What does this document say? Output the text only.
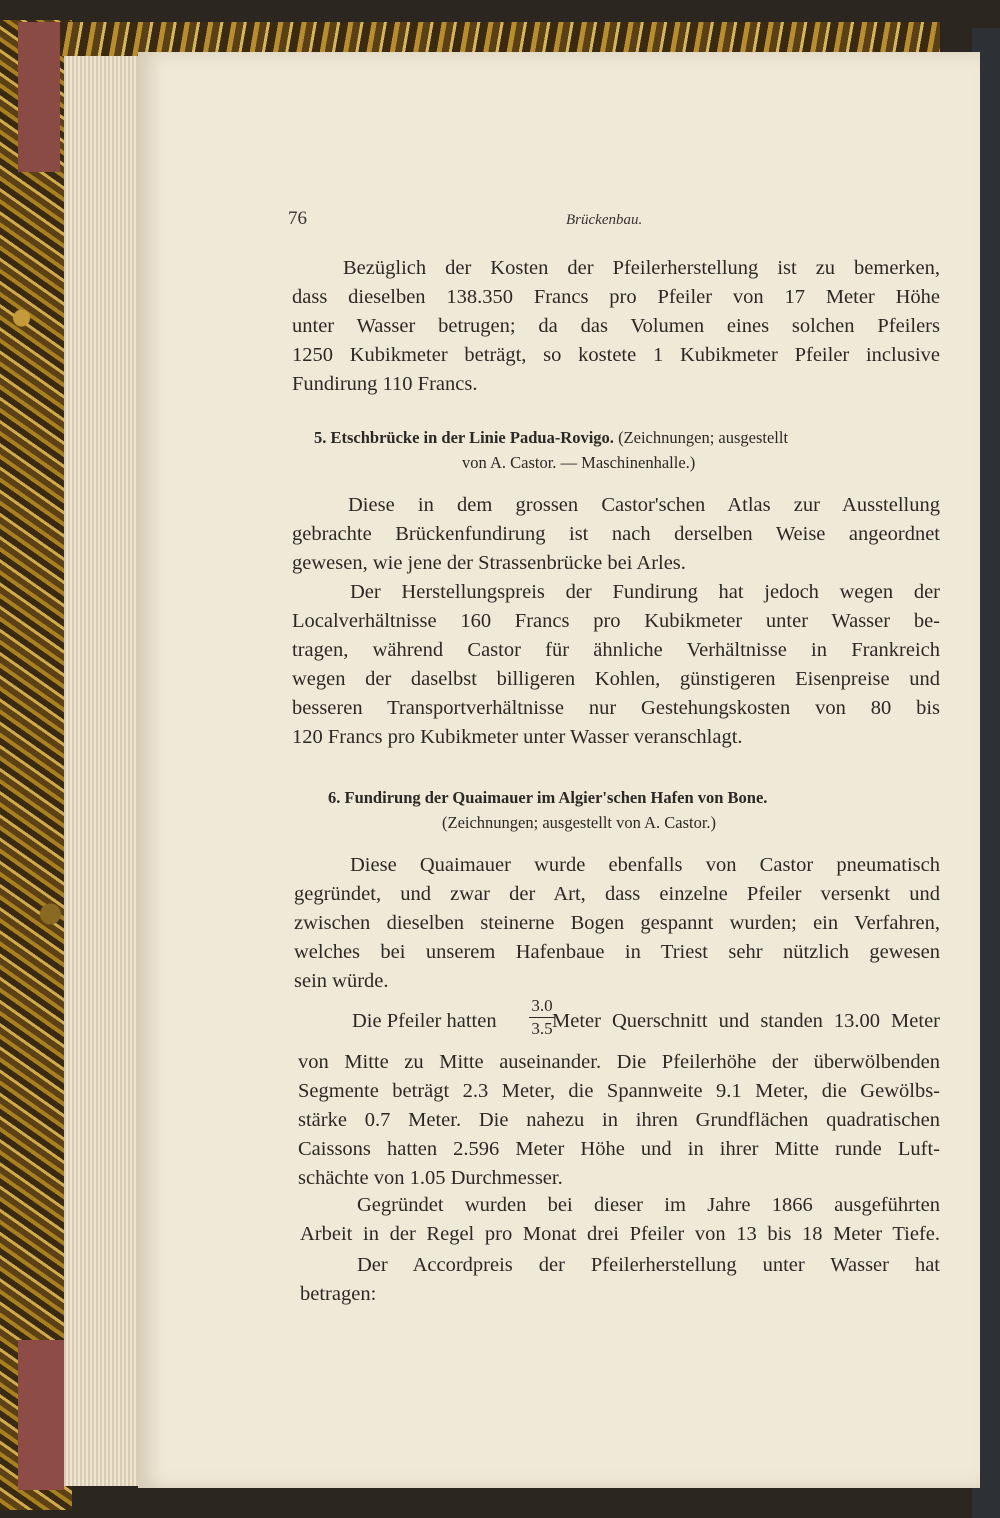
76	Brückenbau.
Bezüglich der Kosten der Pfeilerherstellung ist zu bemerken,
dass dieselben 138.350 Francs pro Pfeiler von 17 Meter Höhe
unter Wasser betrugen; da das Volumen eines solchen Pfeilers
1250 Kubikmeter beträgt, so kostete 1 Kubikmeter Pfeiler inclusive
Fundirung 110 Francs.
5. Etschbrücke in der Linie Padua-Rovigo. (Zeichnungen; ausgestellt
von A. Castor. — Maschinenhalle.)
Diese in dem grossen Castor'schen Atlas zur Ausstellung
gebrachte Brückenfundirung ist nach derselben Weise angeordnet
gewesen, wie jene der Strassenbrücke bei Arles.
Der Herstellungspreis der Fundirung hat jedoch wegen der
Localverhältnisse 160 Francs pro Kubikmeter unter Wasser be-
tragen, während Castor für ähnliche Verhältnisse in Frankreich
wegen der daselbst billigeren Kohlen, günstigeren Eisenpreise und
besseren Transportverhältnisse nur Gestehungskosten von 80 bis
120 Francs pro Kubikmeter unter Wasser veranschlagt.
6. Fundirung der Quaimauer im Algier'schen Hafen von Bone.
(Zeichnungen; ausgestellt von A. Castor.)
Diese Quaimauer wurde ebenfalls von Castor pneumatisch
gegründet, und zwar der Art, dass einzelne Pfeiler versenkt und
zwischen dieselben steinerne Bogen gespannt wurden; ein Verfahren,
welches bei unserem Hafenbaue in Triest sehr nützlich gewesen
sein würde.
Die Pfeiler hatten
3.0
3.5 Meter Querschnitt und standen 13.00 Meter
von Mitte zu Mitte auseinander. Die Pfeilerhöhe der überwölbenden
Segmente beträgt 2.3 Meter, die Spannweite 9.1 Meter, die Gewölbs-
stärke 0.7 Meter. Die nahezu in ihren Grundflächen quadratischen
Caissons hatten 2.596 Meter Höhe und in ihrer Mitte runde Luft-
schächte von 1.05 Durchmesser.
Gegründet wurden bei dieser im Jahre 1866 ausgeführten
Arbeit in der Regel pro Monat drei Pfeiler von 13 bis 18 Meter Tiefe.
Der Accordpreis der Pfeilerherstellung unter Wasser hat
betragen:
